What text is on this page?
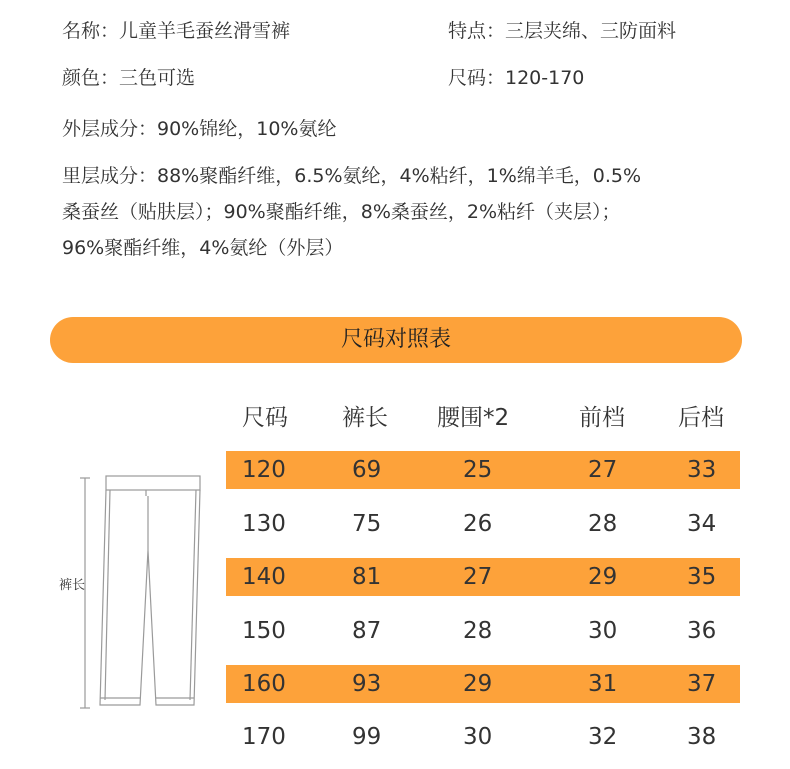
名称：儿童羊毛蚕丝滑雪裤	特点：三层夹绵、三防面料
颜色：三色可选	尺码：120-170
外层成分：90%锦纶，10%氨纶
里层成分：88%聚酯纤维，6.5%氨纶，4%粘纤，1%绵羊毛，0.5%
桑蚕丝（贴肤层）；90%聚酯纤维，8%桑蚕丝，2%粘纤（夹层）；
96%聚酯纤维，4%氨纶（外层）
尺码对照表
裤长
尺码 裤长 腰围*2	前档 后档
120	69	25	27	33
130	75	26	28	34
140	81	27	29	35
150	87	28	30	36
160	93	29	31	37
170	99	30	32	38
